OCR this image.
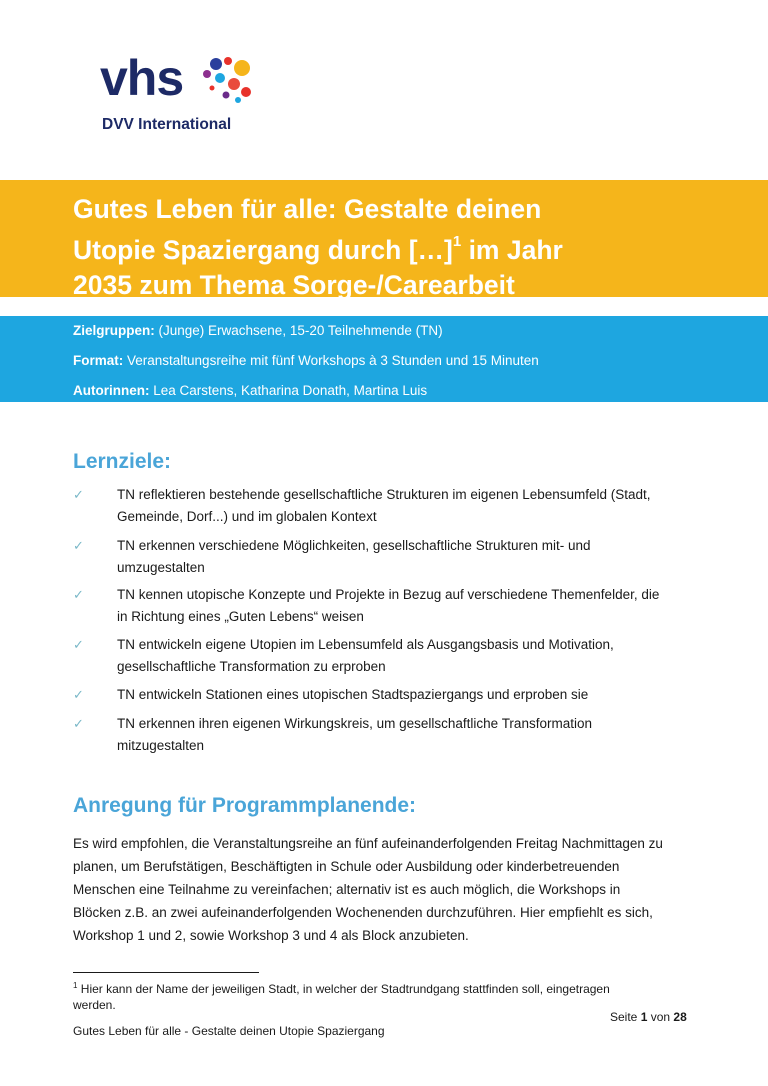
vhs
DVV International
Gutes Leben für alle: Gestalte deinen
Utopie Spaziergang durch […]$^1$ im Jahr
2035 zum Thema Sorge-/Carearbeit
Zielgruppen: (Junge) Erwachsene, 15-20 Teilnehmende (TN)
Format: Veranstaltungsreihe mit fünf Workshops à 3 Stunden und 15 Minuten
Autorinnen: Lea Carstens, Katharina Donath, Martina Luis
Lernziele:
✓ TN reflektieren bestehende gesellschaftliche Strukturen im eigenen Lebensumfeld (Stadt,
Gemeinde, Dorf...) und im globalen Kontext
✓ TN erkennen verschiedene Möglichkeiten, gesellschaftliche Strukturen mit- und
umzugestalten
✓ TN kennen utopische Konzepte und Projekte in Bezug auf verschiedene Themenfelder, die
in Richtung eines „Guten Lebens“ weisen
✓ TN entwickeln eigene Utopien im Lebensumfeld als Ausgangsbasis und Motivation,
gesellschaftliche Transformation zu erproben
✓ TN entwickeln Stationen eines utopischen Stadtspaziergangs und erproben sie
✓ TN erkennen ihren eigenen Wirkungskreis, um gesellschaftliche Transformation
mitzugestalten
Anregung für Programmplanende:

Es wird empfohlen, die Veranstaltungsreihe an fünf aufeinanderfolgenden Freitag Nachmittagen zu
planen, um Berufstätigen, Beschäftigten in Schule oder Ausbildung oder kinderbetreuenden
Menschen eine Teilnahme zu vereinfachen; alternativ ist es auch möglich, die Workshops in
Blöcken z.B. an zwei aufeinanderfolgenden Wochenenden durchzuführen. Hier empfiehlt es sich,
Workshop 1 und 2, sowie Workshop 3 und 4 als Block anzubieten.

$^1$ Hier kann der Name der jeweiligen Stadt, in welcher der Stadtrundgang stattfinden soll, eingetragen
werden.
Seite 1 von 28
Gutes Leben für alle - Gestalte deinen Utopie Spaziergang
